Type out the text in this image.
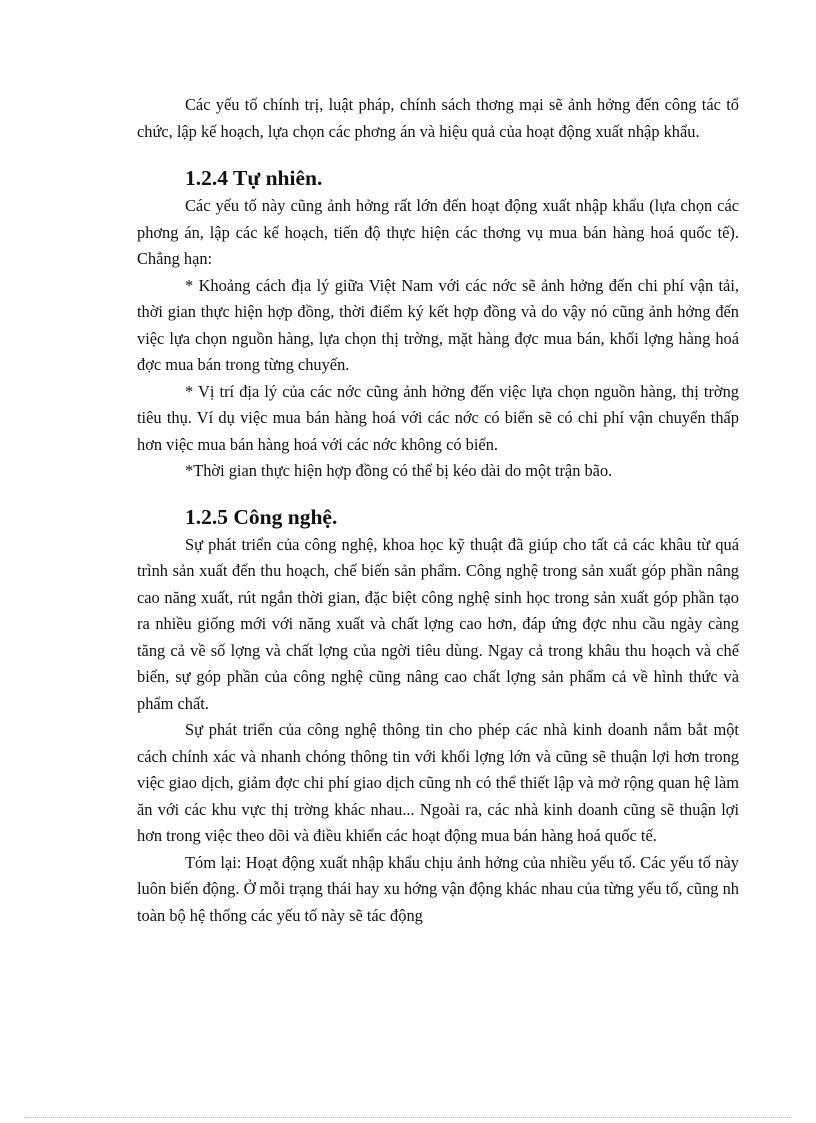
Các yếu tố chính trị, luật pháp, chính sách thơng mại sẽ ảnh hởng đến công tác tổ chức, lập kế hoạch, lựa chọn các phơng án và hiệu quả của hoạt động xuất nhập khẩu.

1.2.4 Tự nhiên.

Các yếu tố này cũng ảnh hởng rất lớn đến hoạt động xuất nhập khẩu (lựa chọn các phơng án, lập các kế hoạch, tiến độ thực hiện các thơng vụ mua bán hàng hoá quốc tế). Chẳng hạn:

* Khoảng cách địa lý giữa Việt Nam với các nớc sẽ ảnh hởng đến chi phí vận tải, thời gian thực hiện hợp đồng, thời điểm ký kết hợp đồng và do vậy nó cũng ảnh hởng đến việc lựa chọn nguồn hàng, lựa chọn thị trờng, mặt hàng đợc mua bán, khối lợng hàng hoá đợc mua bán trong từng chuyến.

* Vị trí địa lý của các nớc cũng ảnh hởng đến việc lựa chọn nguồn hàng, thị trờng tiêu thụ. Ví dụ việc mua bán hàng hoá với các nớc có biển sẽ có chi phí vận chuyển thấp hơn việc mua bán hàng hoá với các nớc không có biển.

*Thời gian thực hiện hợp đồng có thể bị kéo dài do một trận bão.

1.2.5 Công nghệ.

Sự phát triển của công nghệ, khoa học kỹ thuật đã giúp cho tất cả các khâu từ quá trình sản xuất đến thu hoạch, chế biến sản phẩm. Công nghệ trong sản xuất góp phần nâng cao năng xuất, rút ngắn thời gian, đặc biệt công nghệ sinh học trong sản xuất góp phần tạo ra nhiều giống mới với năng xuất và chất lợng cao hơn, đáp ứng đợc nhu cầu ngày càng tăng cả về số lợng và chất lợng của ngời tiêu dùng. Ngay cả trong khâu thu hoạch và chế biến, sự góp phần của công nghệ cũng nâng cao chất lợng sản phẩm cả về hình thức và phẩm chất.

Sự phát triển của công nghệ thông tin cho phép các nhà kinh doanh nắm bắt một cách chính xác và nhanh chóng thông tin với khối lợng lớn và cũng sẽ thuận lợi hơn trong việc giao dịch, giảm đợc chi phí giao dịch cũng nh có thể thiết lập và mở rộng quan hệ làm ăn với các khu vực thị trờng khác nhau... Ngoài ra, các nhà kinh doanh cũng sẽ thuận lợi hơn trong việc theo dõi và điều khiển các hoạt động mua bán hàng hoá quốc tế.

Tóm lại: Hoạt động xuất nhập khẩu chịu ảnh hởng của nhiều yếu tố. Các yếu tố này luôn biến động. Ở mỗi trạng thái hay xu hớng vận động khác nhau của từng yếu tố, cũng nh toàn bộ hệ thống các yếu tố này sẽ tác động
